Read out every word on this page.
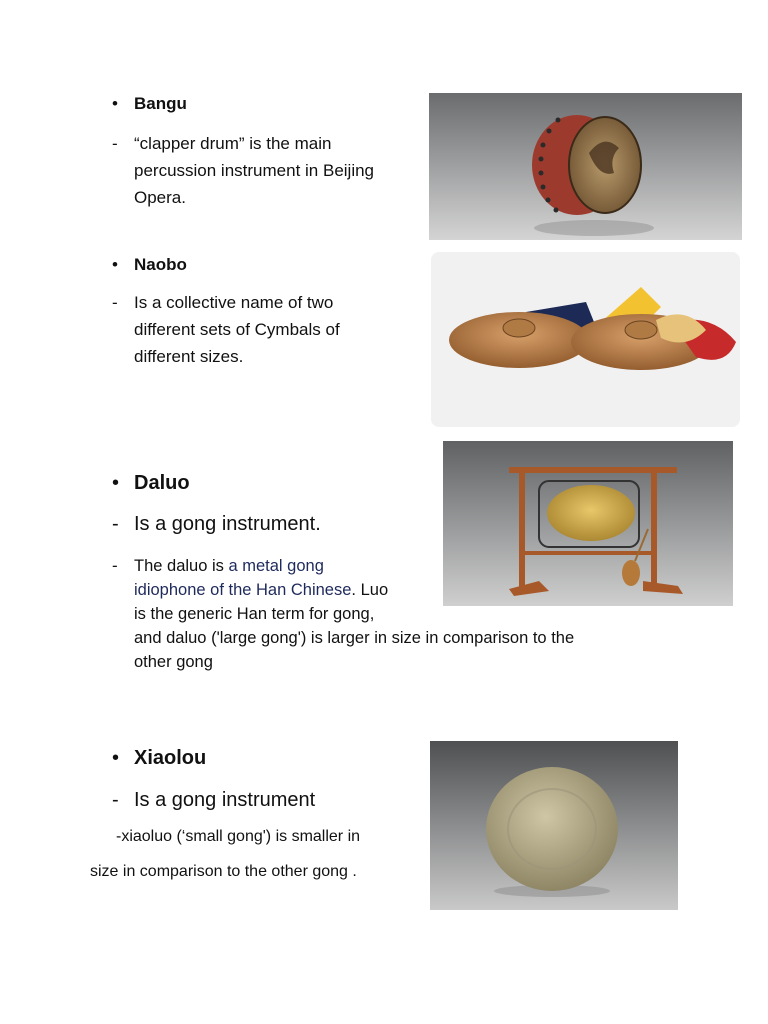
• Bangu
- “clapper drum” is the main
percussion instrument in Beijing
Opera.
• Naobo
- Is a collective name of two
different sets of Cymbals of
different sizes.
• Daluo
- Is a gong instrument.
- The daluo is a metal gong
idiophone of the Han Chinese. Luo
is the generic Han term for gong,
and daluo ('large gong') is larger in size in comparison to the
other gong
• Xiaolou
- Is a gong instrument
-xiaoluo (‘small gong') is smaller in
size in comparison to the other gong .
